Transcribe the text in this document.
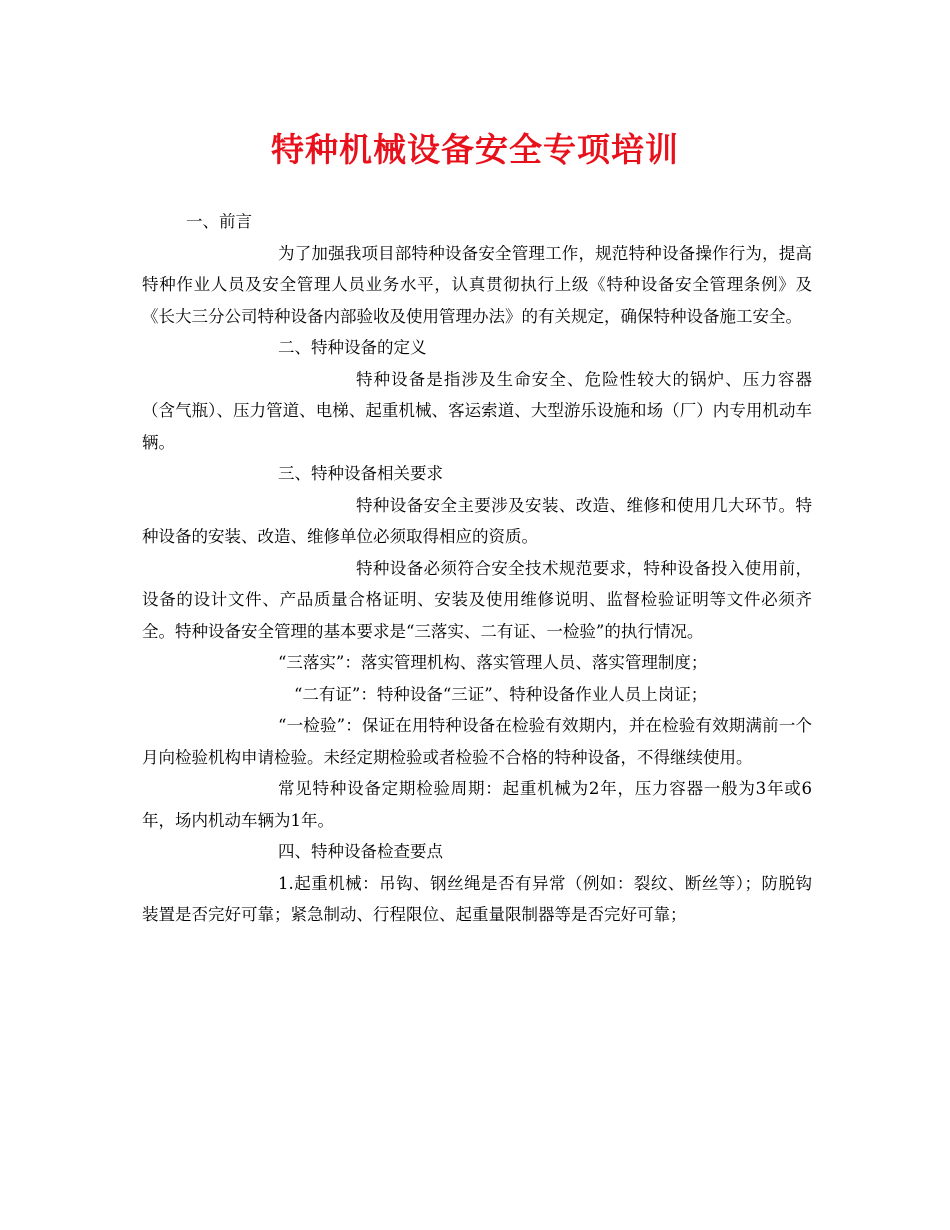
特种机械设备安全专项培训

一、前言

为了加强我项目部特种设备安全管理工作，规范特种设备操作行为，提高特种作业人员及安全管理人员业务水平，认真贯彻执行上级《特种设备安全管理条例》及《长大三分公司特种设备内部验收及使用管理办法》的有关规定，确保特种设备施工安全。

二、特种设备的定义

特种设备是指涉及生命安全、危险性较大的锅炉、压力容器（含气瓶）、压力管道、电梯、起重机械、客运索道、大型游乐设施和场（厂）内专用机动车辆。

三、特种设备相关要求

特种设备安全主要涉及安装、改造、维修和使用几大环节。特种设备的安装、改造、维修单位必须取得相应的资质。

特种设备必须符合安全技术规范要求，特种设备投入使用前，设备的设计文件、产品质量合格证明、安装及使用维修说明、监督检验证明等文件必须齐全。特种设备安全管理的基本要求是“三落实、二有证、一检验”的执行情况。

“三落实”：落实管理机构、落实管理人员、落实管理制度；

“二有证”：特种设备“三证”、特种设备作业人员上岗证；

“一检验”：保证在用特种设备在检验有效期内，并在检验有效期满前一个月向检验机构申请检验。未经定期检验或者检验不合格的特种设备，不得继续使用。

常见特种设备定期检验周期：起重机械为2年，压力容器一般为3年或6年，场内机动车辆为1年。

四、特种设备检查要点

1.起重机械：吊钩、钢丝绳是否有异常（例如：裂纹、断丝等）；防脱钩装置是否完好可靠；紧急制动、行程限位、起重量限制器等是否完好可靠；
